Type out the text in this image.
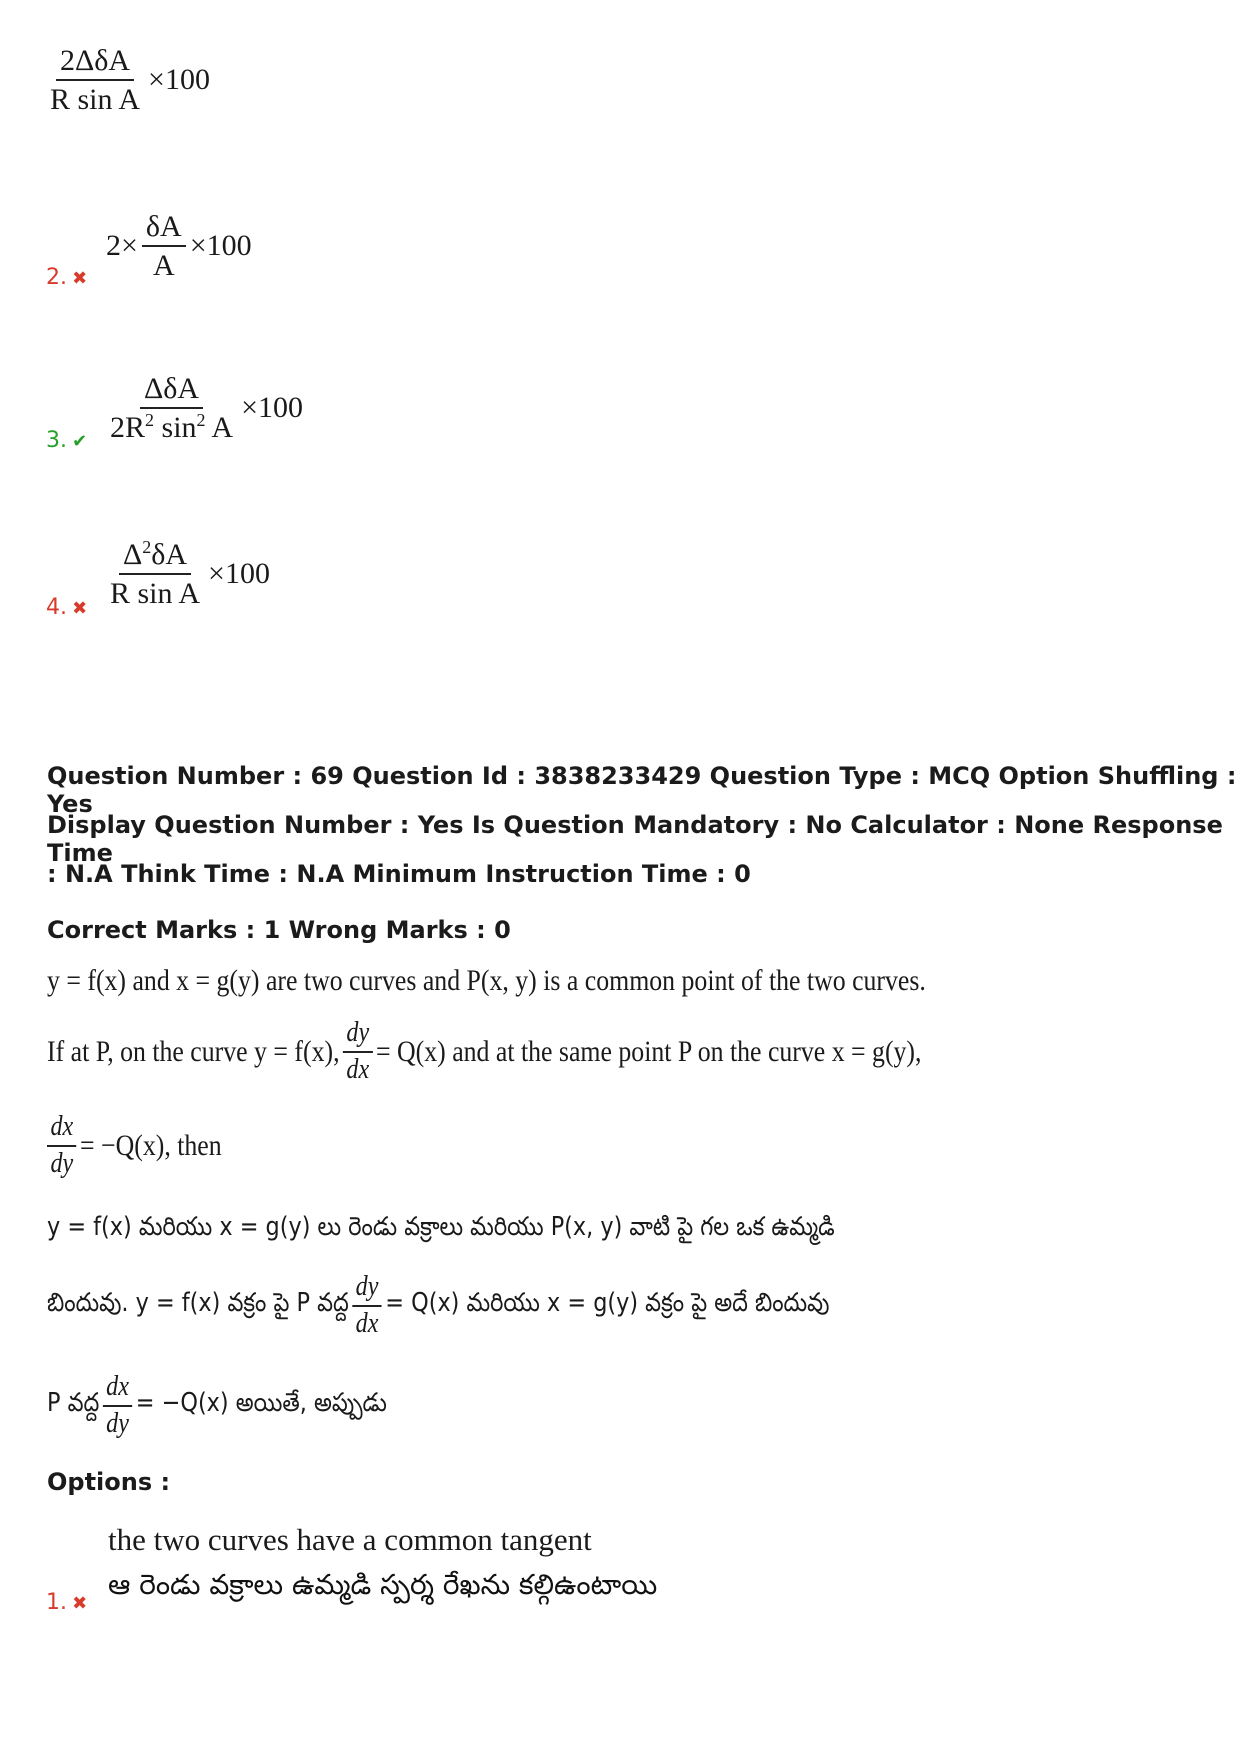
$\frac{\text{2ΔδA}}{\text{R sin A}} \times 100$
2. ✖
$2\times \frac{\delta A}{A} \times 100$
3. ✔ $\frac{\text{ΔδA}}{2R^2 \sin^2 A} \times 100$
4. ✖ $\frac{\Delta^2\delta A}{\text{R sin A}} \times 100$
Question Number : 69 Question Id : 3838233429 Question Type : MCQ Option Shuffling : Yes
Display Question Number : Yes Is Question Mandatory : No Calculator : None Response Time
: N.A Think Time : N.A Minimum Instruction Time : 0
Correct Marks : 1 Wrong Marks : 0
y = f(x) and x = g(y) are two curves and P(x, y) is a common point of the two curves.
If at P, on the curve y = f(x), $\frac{dy}{dx} = Q(x)$ and at the same point P on the curve x = g(y),
$\frac{dx}{dy} = -Q(x)$, then
y = f(x) మరియు x = g(y) లు రెండు వక్రాలు మరియు P(x, y) వాటి పై గల ఒక ఉమ్మడి
బిందువు. y = f(x) వక్రం పై P వద్ద $\frac{dy}{dx} = Q(x)$ మరియు x = g(y) వక్రం పై అదే బిందువు
P వద్ద $\frac{dx}{dy} = -Q(x)$ అయితే, అప్పుడు
Options :
the two curves have a common tangent
1. ✖
ఆ రెండు వక్రాలు ఉమ్మడి స్పర్శ రేఖను కల్గిఉంటాయి
